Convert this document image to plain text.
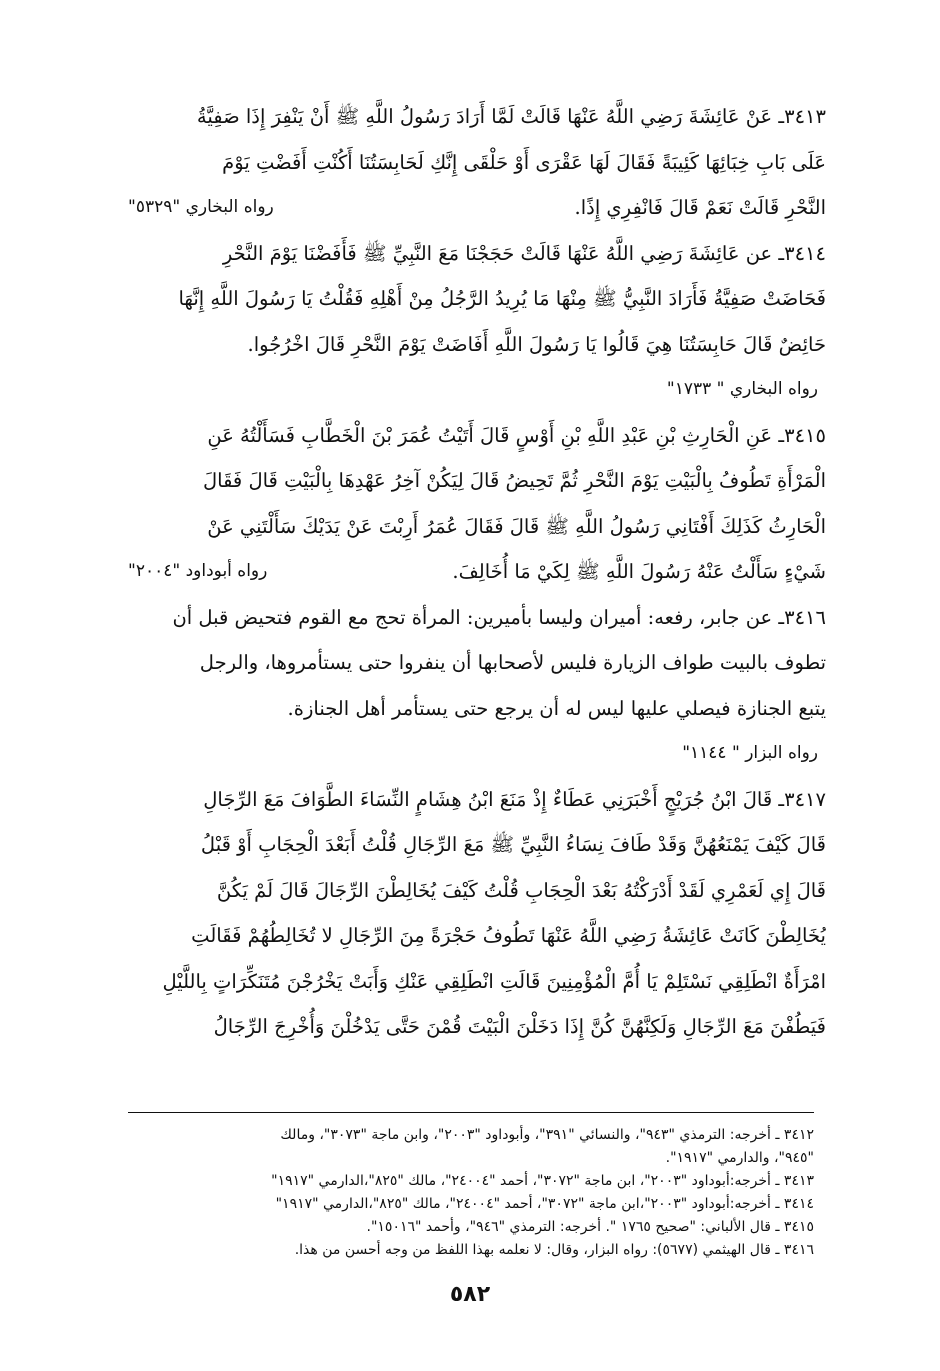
٣٤١٣ـ عَنْ عَائِشَةَ رَضِي اللَّهُ عَنْهَا قَالَتْ لَمَّا أَرَادَ رَسُولُ اللَّهِ ﷺ أَنْ يَنْفِرَ إِذَا صَفِيَّةُ
عَلَى بَابِ خِبَائِهَا كَئِيبَةً فَقَالَ لَهَا عَقْرَى أَوْ حَلْقَى إِنَّكِ لَحَابِسَتُنَا أَكُنْتِ أَفَضْتِ يَوْمَ
النَّحْرِ قَالَتْ نَعَمْ قَالَ فَانْفِرِي إِذًا.
رواه البخاري "٥٣٢٩"
٣٤١٤ـ عن عَائِشَةَ رَضِي اللَّهُ عَنْهَا قَالَتْ حَجَجْنَا مَعَ النَّبِيِّ ﷺ فَأَفَضْنَا يَوْمَ النَّحْرِ
فَحَاضَتْ صَفِيَّةُ فَأَرَادَ النَّبِيُّ ﷺ مِنْهَا مَا يُرِيدُ الرَّجُلُ مِنْ أَهْلِهِ فَقُلْتُ يَا رَسُولَ اللَّهِ إِنَّهَا
حَائِضٌ قَالَ حَابِسَتُنَا هِيَ قَالُوا يَا رَسُولَ اللَّهِ أَفَاضَتْ يَوْمَ النَّحْرِ قَالَ اخْرُجُوا.
رواه البخاري " ١٧٣٣"
٣٤١٥ـ عَنِ الْحَارِثِ بْنِ عَبْدِ اللَّهِ بْنِ أَوْسٍ قَالَ أَتَيْتُ عُمَرَ بْنَ الْخَطَّابِ فَسَأَلْتُهُ عَنِ
الْمَرْأَةِ تَطُوفُ بِالْبَيْتِ يَوْمَ النَّحْرِ ثُمَّ تَحِيضُ قَالَ لِيَكُنْ آخِرُ عَهْدِهَا بِالْبَيْتِ قَالَ فَقَالَ
الْحَارِثُ كَذَلِكَ أَفْتَانِي رَسُولُ اللَّهِ ﷺ قَالَ فَقَالَ عُمَرُ أَرِبْتَ عَنْ يَدَيْكَ سَأَلْتَنِي عَنْ
شَيْءٍ سَأَلْتُ عَنْهُ رَسُولَ اللَّهِ ﷺ لِكَيْ مَا أُخَالِفَ.
رواه أبوداود "٢٠٠٤"
٣٤١٦ـ عن جابر، رفعه: أميران وليسا بأميرين: المرأة تحج مع القوم فتحيض قبل أن
تطوف بالبيت طواف الزيارة فليس لأصحابها أن ينفروا حتى يستأمروها، والرجل
يتبع الجنازة فيصلي عليها ليس له أن يرجع حتى يستأمر أهل الجنازة.
رواه البزار " ١١٤٤"
٣٤١٧ـ قَالَ ابْنُ جُرَيْجٍ أَخْبَرَنِي عَطَاءٌ إِذْ مَنَعَ ابْنُ هِشَامٍ النِّسَاءَ الطَّوَافَ مَعَ الرِّجَالِ
قَالَ كَيْفَ يَمْنَعُهُنَّ وَقَدْ طَافَ نِسَاءُ النَّبِيِّ ﷺ مَعَ الرِّجَالِ قُلْتُ أَبَعْدَ الْحِجَابِ أَوْ قَبْلُ
قَالَ إِي لَعَمْرِي لَقَدْ أَدْرَكْتُهُ بَعْدَ الْحِجَابِ قُلْتُ كَيْفَ يُخَالِطْنَ الرِّجَالَ قَالَ لَمْ يَكُنَّ
يُخَالِطْنَ كَانَتْ عَائِشَةُ رَضِي اللَّهُ عَنْهَا تَطُوفُ حَجْرَةً مِنَ الرِّجَالِ لا تُخَالِطُهُمْ فَقَالَتِ
امْرَأَةٌ انْطَلِقِي نَسْتَلِمْ يَا أُمَّ الْمُؤْمِنِينَ قَالَتِ انْطَلِقِي عَنْكِ وَأَبَتْ يَخْرُجْنَ مُتَنَكِّرَاتٍ بِاللَّيْلِ
فَيَطُفْنَ مَعَ الرِّجَالِ وَلَكِنَّهُنَّ كُنَّ إِذَا دَخَلْنَ الْبَيْتَ قُمْنَ حَتَّى يَدْخُلْنَ وَأُخْرِجَ الرِّجَالُ
٣٤١٢ ـ أخرجه: الترمذي "٩٤٣"، والنسائي "٣٩١"، وأبوداود "٢٠٠٣"، وابن ماجة "٣٠٧٣"، ومالك
"٩٤٥"، والدارمي "١٩١٧".
٣٤١٣ ـ أخرجه:أبوداود "٢٠٠٣"، ابن ماجة "٣٠٧٢"، أحمد "٢٤٠٠٤"، مالك "٨٢٥"،الدارمي "١٩١٧"
٣٤١٤ ـ أخرجه:أبوداود "٢٠٠٣"،ابن ماجة "٣٠٧٢"، أحمد "٢٤٠٠٤"، مالك "٨٢٥"،الدارمي "١٩١٧"
٣٤١٥ ـ قال الألباني: "صحيح ١٧٦٥ ". أخرجه: الترمذي "٩٤٦"، وأحمد "١٥٠١٦".
٣٤١٦ ـ قال الهيثمي (٥٦٧٧): رواه البزار، وقال: لا نعلمه بهذا اللفظ من وجه أحسن من هذا.
٥٨٢
